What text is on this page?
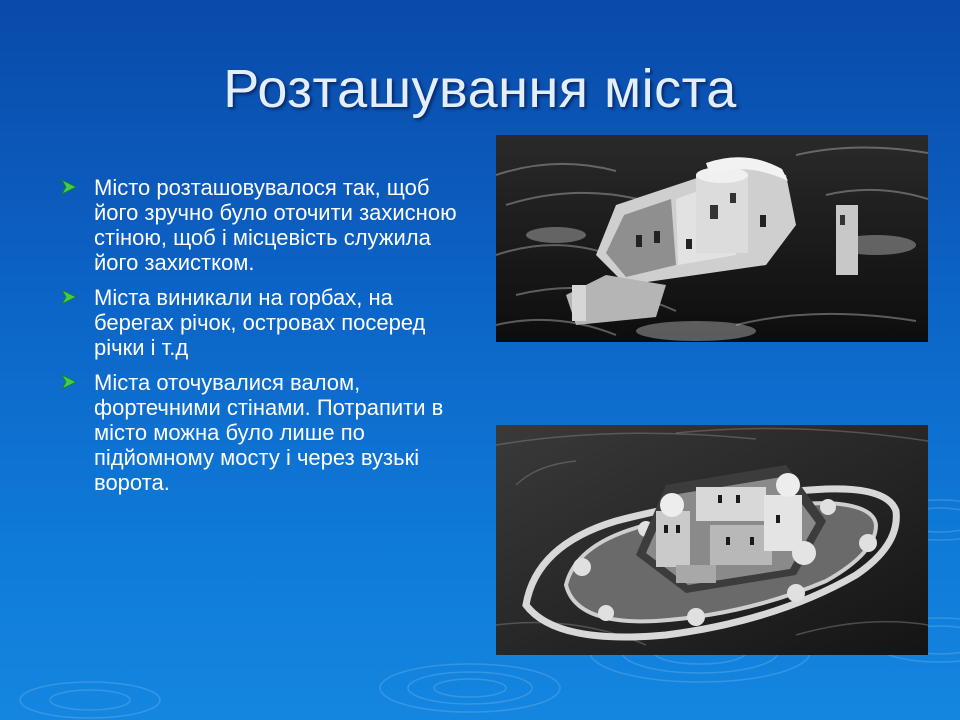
Розташування міста
Місто розташовувалося так, щоб його зручно було оточити захисною стіною, щоб і місцевість служила його захистком.
Міста виникали на горбах, на берегах річок, островах посеред річки і т.д
Міста оточувалися валом, фортечними стінами. Потрапити в місто можна було лише по підйомному мосту і через вузькі ворота.
